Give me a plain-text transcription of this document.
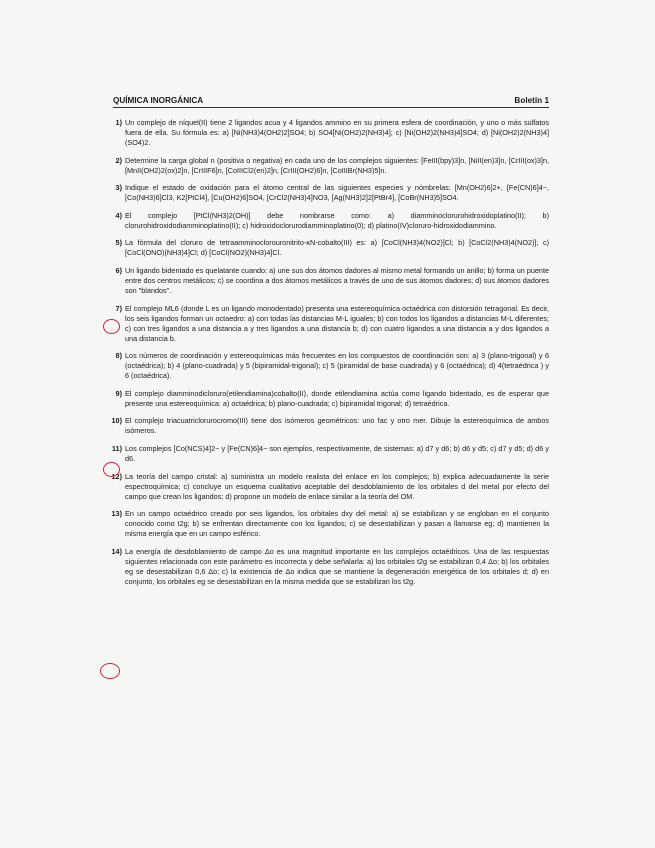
QUÍMICA INORGÁNICA	Boletín 1
1) Un complejo de níquel(II) tiene 2 ligandos acua y 4 ligandos ammino en su primera esfera de coordinación, y uno o más sulfatos fuera de ella. Su fórmula es: a) [Ni(NH3)4(OH2)2]SO4; b) SO4[Ni(OH2)2(NH3)4]; c) [Ni(OH2)2(NH3)4]SO4; d) [Ni(OH2)2(NH3)4](SO4)2.
2) Determine la carga global n (positiva o negativa) en cada uno de los complejos siguientes: [FeIII(bpy)3]n, [NiII(en)3]n, [CrIII(ox)3]n, [MnII(OH2)2(ox)2]n, [CrIIIF6]n, [CoIIICl2(en)2]n, [CrIII(OH2)6]n, [CoIIIBr(NH3)5]n.
3) Indique el estado de oxidación para el átomo central de las siguientes especies y nómbrelas: [Mn(OH2)6]2+, [Fe(CN)6]4−, [Co(NH3)6]Cl3, K2[PtCl4], [Cu(OH2)6]SO4, [CrCl2(NH3)4]NO3, [Ag(NH3)2]2[PtBr4], [CoBr(NH3)5]SO4.
4) El complejo [PtCl(NH3)2(OH)] debe nombrarse como: a) diamminoclorurohidroxidoplatino(II); b) clorurohidroxidodiamminoplatino(II); c) hidroxidoclorurodiamminoplatino(0); d) platino(IV)cloruro-hidroxidodiammino.
5) La fórmula del cloruro de tetraamminoclorouronitrito-κN-cobalto(III) es: a) [CoCl(NH3)4(NO2)]Cl; b) [CoCl2(NH3)4(NO2)]; c) [CoCl(ONO)(NH3)4]Cl; d) [CoCl(NO2)(NH3)4]Cl.
6) Un ligando bidentado es quelatante cuando: a) une sus dos átomos dadores al mismo metal formando un anillo; b) forma un puente entre dos centros metálicos; c) se coordina a dos átomos metálicos a través de uno de sus átomos dadores; d) sus átomos dadores son "blandos".
7) El complejo ML6 (donde L es un ligando monodentado) presenta una estereoquímica octaédrica con distorsión tetragonal. Es decir, los seis ligandos forman un octaedro: a) con todas las distancias M-L iguales; b) con todos los ligandos a distancias M-L diferentes; c) con tres ligandos a una distancia a y tres ligandos a una distancia b; d) con cuatro ligandos a una distancia a y dos ligandos a una distancia b.
8) Los números de coordinación y estereoquímicas más frecuentes en los compuestos de coordinación son: a) 3 (plano-trigonal) y 6 (octaédrica); b) 4 (plano-cuadrada) y 5 (bipiramidal-trigonal); c) 5 (piramidal de base cuadrada) y 6 (octaédrica); d) 4(tetraédrica ) y 6 (octaédrica).
9) El complejo diamminodicloruro(etilendiamina)cobalto(II), donde etilendiamina actúa como ligando bidentado, es de esperar que presente una estereoquímica: a) octaédrica; b) plano-cuadrada; c) bipiramidal trigonal; d) tetraédrica.
10) El complejo triacuatriclorurocromo(III) tiene dos isómeros geométricos: uno fac y otro mer. Dibuje la estereoquímica de ambos isómeros.
11) Los complejos [Co(NCS)4]2− y [Fe(CN)6]4− son ejemplos, respectivamente, de sistemas: a) d7 y d6; b) d6 y d5; c) d7 y d5; d) d6 y d6.
12) La teoría del campo cristal: a) suministra un modelo realista del enlace en los complejos; b) explica adecuadamente la serie espectroquímica; c) concluye un esquema cualitativo aceptable del desdoblamiento de los orbitales d del metal por efecto del campo que crean los ligandos; d) propone un modelo de enlace similar a la teoría del OM.
13) En un campo octaédrico creado por seis ligandos, los orbitales dxy del metal: a) se estabilizan y se engloban en el conjunto conocido como t2g; b) se enfrentan directamente con los ligandos; c) se desestabilizan y pasan a llamarse eg; d) mantienen la misma energía que en un campo esférico.
14) La energía de desdoblamiento de campo Δo es una magnitud importante en los complejos octaédricos. Una de las respuestas siguientes relacionada con este parámetro es incorrecta y debe señalarla: a) los orbitales t2g se estabilizan 0,4 Δo; b) los orbitales eg se desestabilizan 0,6 Δo; c) la existencia de Δo indica que se mantiene la degeneración energética de los orbitales d; d) en conjunto, los orbitales eg se desestabilizan en la misma medida que se estabilizan los t2g.
